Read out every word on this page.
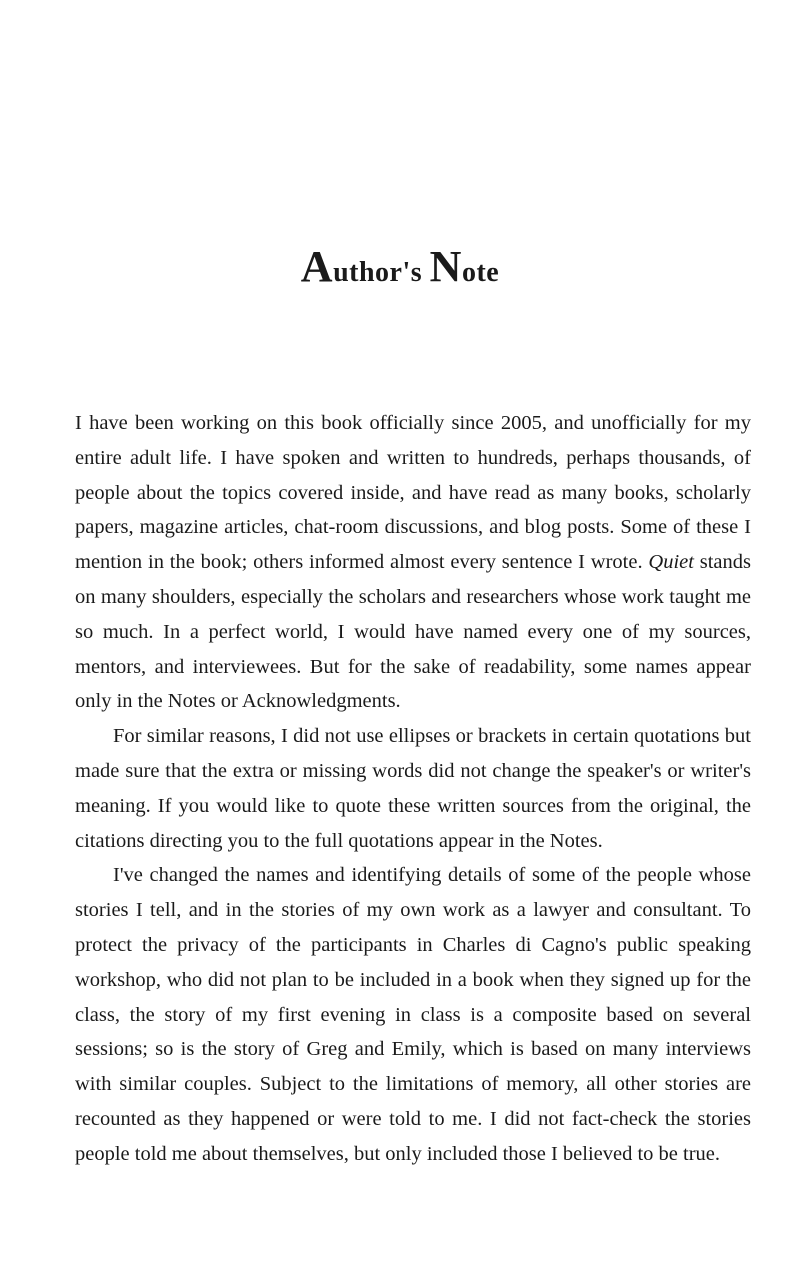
Author's Note

I have been working on this book officially since 2005, and unofficially for my entire adult life. I have spoken and written to hundreds, perhaps thousands, of people about the topics covered inside, and have read as many books, scholarly papers, magazine articles, chat-room discussions, and blog posts. Some of these I mention in the book; others informed almost every sentence I wrote. Quiet stands on many shoulders, especially the scholars and researchers whose work taught me so much. In a perfect world, I would have named every one of my sources, mentors, and interviewees. But for the sake of readability, some names appear only in the Notes or Acknowledgments.

For similar reasons, I did not use ellipses or brackets in certain quotations but made sure that the extra or missing words did not change the speaker's or writer's meaning. If you would like to quote these written sources from the original, the citations directing you to the full quotations appear in the Notes.

I've changed the names and identifying details of some of the people whose stories I tell, and in the stories of my own work as a lawyer and consultant. To protect the privacy of the participants in Charles di Cagno's public speaking workshop, who did not plan to be included in a book when they signed up for the class, the story of my first evening in class is a composite based on several sessions; so is the story of Greg and Emily, which is based on many interviews with similar couples. Subject to the limitations of memory, all other stories are recounted as they happened or were told to me. I did not fact-check the stories people told me about themselves, but only included those I believed to be true.
